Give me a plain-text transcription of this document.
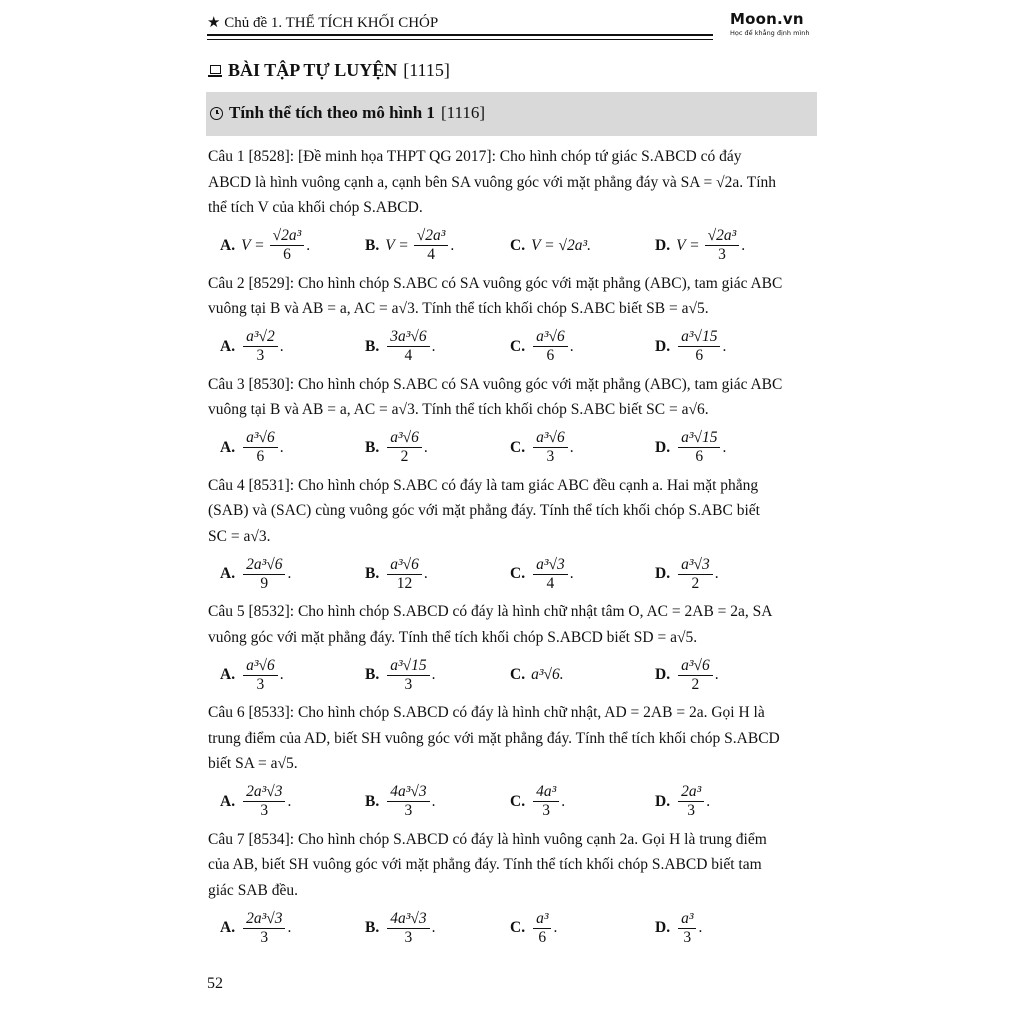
★ Chủ đề 1. THỂ TÍCH KHỐI CHÓP	Moon.vn
Học để khẳng định mình
BÀI TẬP TỰ LUYỆN [1115]
Tính thể tích theo mô hình 1 [1116]
Câu 1 [8528]: [Đề minh họa THPT QG 2017]: Cho hình chóp tứ giác S.ABCD có đáy
ABCD là hình vuông cạnh a, cạnh bên SA vuông góc với mặt phẳng đáy và SA = √2a. Tính
thể tích V của khối chóp S.ABCD.
A. $V = \frac{\text{√2a³}}{6}$ .	B. $V = \frac{\text{√2a³}}{4}$ .	C. V = √2a³.	D. $V = \frac{\text{√2a³}}{3}$ .
Câu 2 [8529]: Cho hình chóp S.ABC có SA vuông góc với mặt phẳng (ABC), tam giác ABC
vuông tại B và AB = a, AC = a√3. Tính thể tích khối chóp S.ABC biết SB = a√5.
A. $\frac{\text{a³√2}}{3}$ .	B. $\frac{\text{3a³√6}}{4}$ .	C. $\frac{\text{a³√6}}{6}$ .	D. $\frac{\text{a³√15}}{6}$ .
Câu 3 [8530]: Cho hình chóp S.ABC có SA vuông góc với mặt phẳng (ABC), tam giác ABC
vuông tại B và AB = a, AC = a√3. Tính thể tích khối chóp S.ABC biết SC = a√6.
A. $\frac{\text{a³√6}}{6}$ .	B. $\frac{\text{a³√6}}{2}$ .	C. $\frac{\text{a³√6}}{3}$ .	D. $\frac{\text{a³√15}}{6}$ .
Câu 4 [8531]: Cho hình chóp S.ABC có đáy là tam giác ABC đều cạnh a. Hai mặt phẳng
(SAB) và (SAC) cùng vuông góc với mặt phẳng đáy. Tính thể tích khối chóp S.ABC biết
SC = a√3.
A. $\frac{\text{2a³√6}}{9}$ .	B. $\frac{\text{a³√6}}{12}$ .	C. $\frac{\text{a³√3}}{4}$ .	D. $\frac{\text{a³√3}}{2}$ .
Câu 5 [8532]: Cho hình chóp S.ABCD có đáy là hình chữ nhật tâm O, AC = 2AB = 2a, SA
vuông góc với mặt phẳng đáy. Tính thể tích khối chóp S.ABCD biết SD = a√5.
A. $\frac{\text{a³√6}}{3}$ .	B. $\frac{\text{a³√15}}{3}$ .	C. a³√6.	D. $\frac{\text{a³√6}}{2}$ .
Câu 6 [8533]: Cho hình chóp S.ABCD có đáy là hình chữ nhật, AD = 2AB = 2a. Gọi H là
trung điểm của AD, biết SH vuông góc với mặt phẳng đáy. Tính thể tích khối chóp S.ABCD
biết SA = a√5.
A. $\frac{\text{2a³√3}}{3}$ .	B. $\frac{\text{4a³√3}}{3}$ .	C. $\frac{\text{4a³}}{3}$ .	D. $\frac{\text{2a³}}{3}$ .
Câu 7 [8534]: Cho hình chóp S.ABCD có đáy là hình vuông cạnh 2a. Gọi H là trung điểm
của AB, biết SH vuông góc với mặt phẳng đáy. Tính thể tích khối chóp S.ABCD biết tam
giác SAB đều.
A. $\frac{\text{2a³√3}}{3}$ .	B. $\frac{\text{4a³√3}}{3}$ .	C. $\frac{\text{a³}}{6}$ .	D. $\frac{\text{a³}}{3}$ .
52
